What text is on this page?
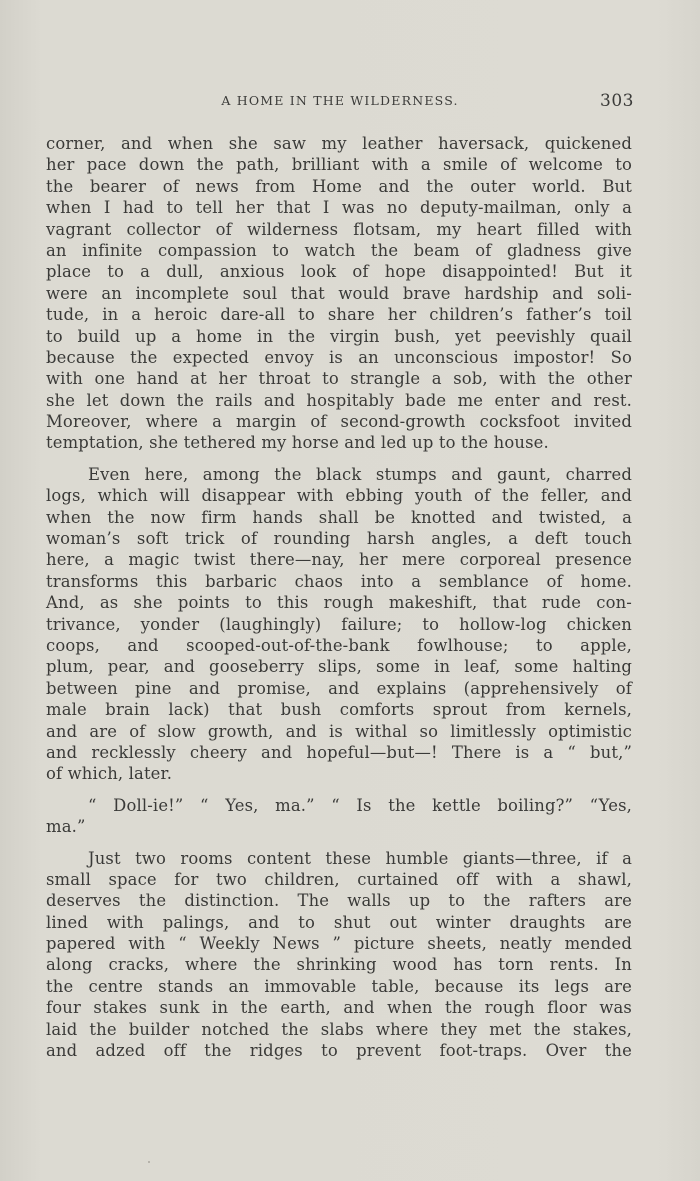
A HOME IN THE WILDERNESS.	303
corner, and when she saw my leather haversack, quickened
her pace down the path, brilliant with a smile of welcome to
the bearer of news from Home and the outer world. But
when I had to tell her that I was no deputy-mailman, only a
vagrant collector of wilderness flotsam, my heart filled with
an infinite compassion to watch the beam of gladness give
place to a dull, anxious look of hope disappointed! But it
were an incomplete soul that would brave hardship and soli-
tude, in a heroic dare-all to share her children’s father’s toil
to build up a home in the virgin bush, yet peevishly quail
because the expected envoy is an unconscious impostor! So
with one hand at her throat to strangle a sob, with the other
she let down the rails and hospitably bade me enter and rest.
Moreover, where a margin of second-growth cocksfoot invited
temptation, she tethered my horse and led up to the house.
Even here, among the black stumps and gaunt, charred
logs, which will disappear with ebbing youth of the feller, and
when the now firm hands shall be knotted and twisted, a
woman’s soft trick of rounding harsh angles, a deft touch
here, a magic twist there—nay, her mere corporeal presence
transforms this barbaric chaos into a semblance of home.
And, as she points to this rough makeshift, that rude con-
trivance, yonder (laughingly) failure; to hollow-log chicken
coops, and scooped-out-of-the-bank fowlhouse; to apple,
plum, pear, and gooseberry slips, some in leaf, some halting
between pine and promise, and explains (apprehensively of
male brain lack) that bush comforts sprout from kernels,
and are of slow growth, and is withal so limitlessly optimistic
and recklessly cheery and hopeful—but—! There is a “ but,”
of which, later.
“ Doll-ie!” “ Yes, ma.” “ Is the kettle boiling?” “Yes,
ma.”
Just two rooms content these humble giants—three, if a
small space for two children, curtained off with a shawl,
deserves the distinction. The walls up to the rafters are
lined with palings, and to shut out winter draughts are
papered with “ Weekly News ” picture sheets, neatly mended
along cracks, where the shrinking wood has torn rents. In
the centre stands an immovable table, because its legs are
four stakes sunk in the earth, and when the rough floor was
laid the builder notched the slabs where they met the stakes,
and adzed off the ridges to prevent foot-traps. Over the
